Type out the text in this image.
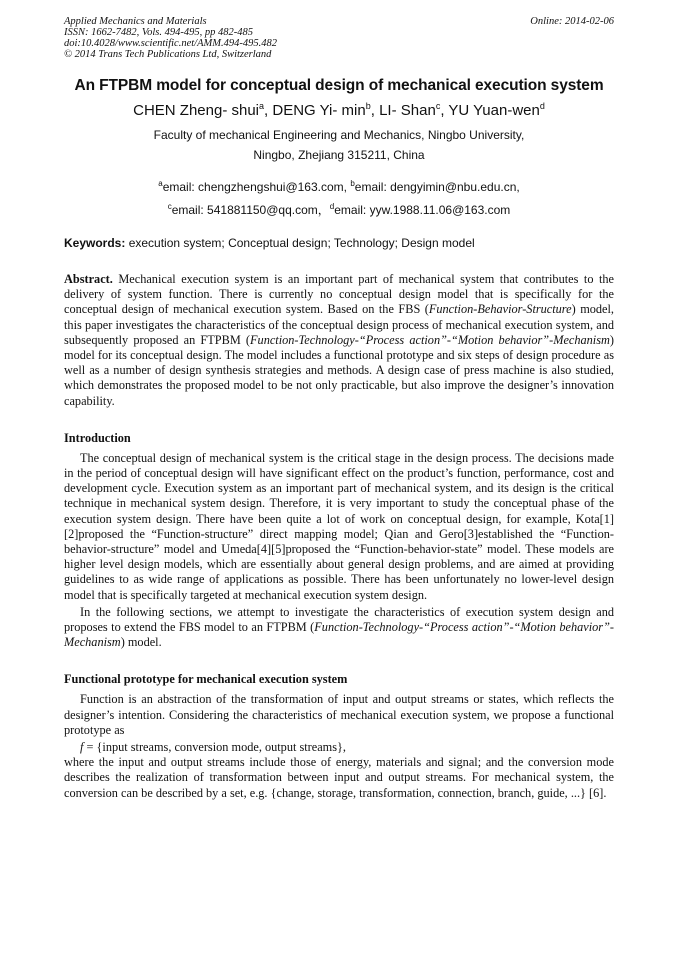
Applied Mechanics and Materials
ISSN: 1662-7482, Vols. 494-495, pp 482-485
doi:10.4028/www.scientific.net/AMM.494-495.482
© 2014 Trans Tech Publications Ltd, Switzerland
Online: 2014-02-06
An FTPBM model for conceptual design of mechanical execution system
CHEN Zheng- shui$^a$, DENG Yi- $\min^b$, LI- Shan$^c$, YU Yuan-wen$^d$
Faculty of mechanical Engineering and Mechanics, Ningbo University,
Ningbo, Zhejiang 315211, China
$^a$email: chengzhengshui@163.com, $^b$email: dengyimin@nbu.edu.cn,
$^c$email: 541881150@qq.com，$^d$email: yyw.1988.11.06@163.com
Keywords: execution system; Conceptual design; Technology; Design model

Abstract. Mechanical execution system is an important part of mechanical system that contributes to the delivery of system function. There is currently no conceptual design model that is specifically for the conceptual design of mechanical execution system. Based on the FBS (Function-Behavior-Structure) model, this paper investigates the characteristics of the conceptual design process of mechanical execution system, and subsequently proposed an FTPBM (Function-Technology-“Process action”-“Motion behavior”-Mechanism) model for its conceptual design. The model includes a functional prototype and six steps of design procedure as well as a number of design synthesis strategies and methods. A design case of press machine is also studied, which demonstrates the proposed model to be not only practicable, but also improve the designer’s innovation capability.

Introduction

The conceptual design of mechanical system is the critical stage in the design process. The decisions made in the period of conceptual design will have significant effect on the product’s function, performance, cost and development cycle. Execution system as an important part of mechanical system, and its design is the critical technique in mechanical system design. Therefore, it is very important to study the conceptual phase of the execution system design. There have been quite a lot of work on conceptual design, for example, Kota[1][2]proposed the “Function-structure” direct mapping model; Qian and Gero[3]established the “Function-behavior-structure” model and Umeda[4][5]proposed the “Function-behavior-state” model. These models are higher level design models, which are essentially about general design problems, and are aimed at providing guidelines to as wide range of applications as possible. There has been unfortunately no lower-level design model that is specifically targeted at mechanical execution system design.

In the following sections, we attempt to investigate the characteristics of execution system design and proposes to extend the FBS model to an FTPBM (Function-Technology-“Process action”-“Motion behavior”-Mechanism) model.

Functional prototype for mechanical execution system

Function is an abstraction of the transformation of input and output streams or states, which reflects the designer’s intention. Considering the characteristics of mechanical execution system, we propose a functional prototype as

f = {input streams, conversion mode, output streams},

where the input and output streams include those of energy, materials and signal; and the conversion mode describes the realization of transformation between input and output streams. For mechanical system, the conversion can be described by a set, e.g. {change, storage, transformation, connection, branch, guide, ...} [6].
